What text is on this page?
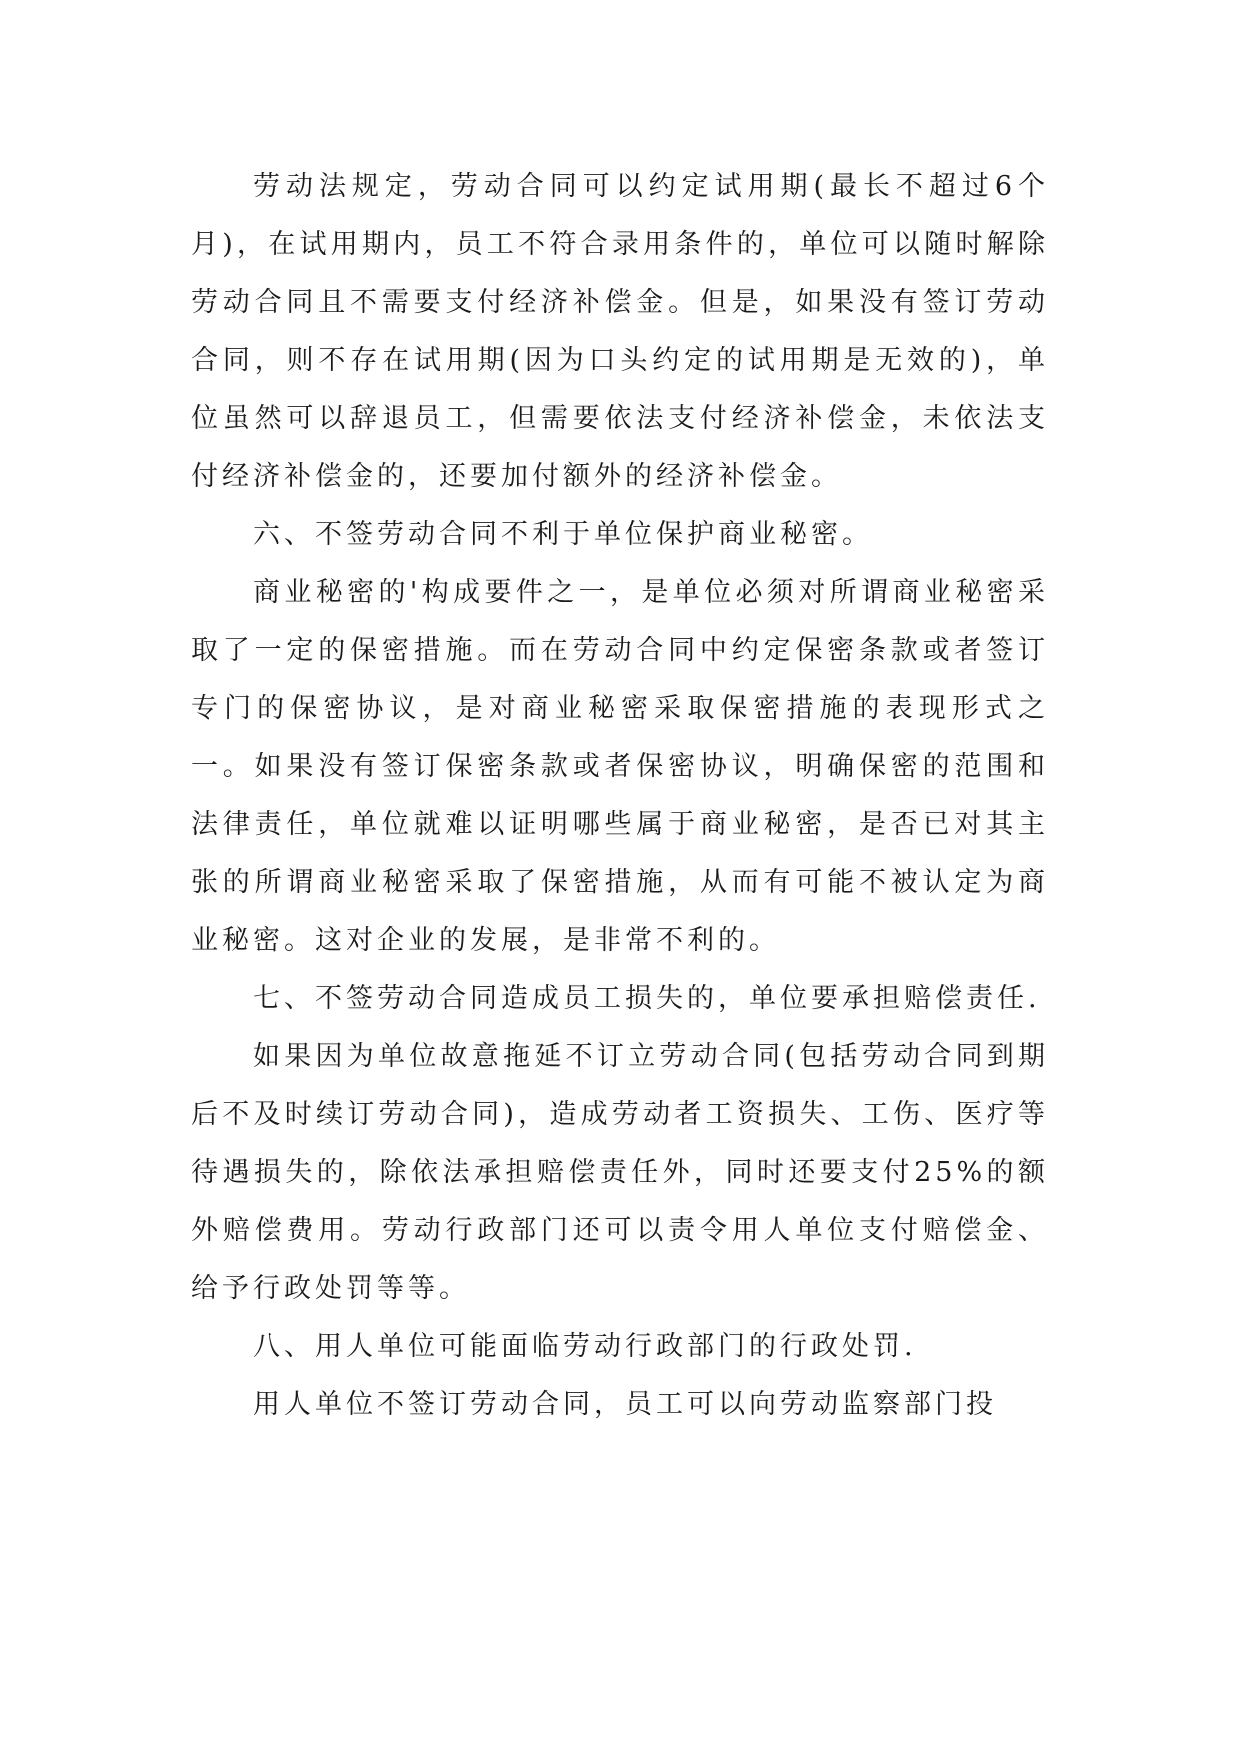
劳动法规定，劳动合同可以约定试用期(最长不超过6个月)，在试用期内，员工不符合录用条件的，单位可以随时解除劳动合同且不需要支付经济补偿金。但是，如果没有签订劳动合同，则不存在试用期(因为口头约定的试用期是无效的)，单位虽然可以辞退员工，但需要依法支付经济补偿金，未依法支付经济补偿金的，还要加付额外的经济补偿金。

六、不签劳动合同不利于单位保护商业秘密。

商业秘密的'构成要件之一，是单位必须对所谓商业秘密采取了一定的保密措施。而在劳动合同中约定保密条款或者签订专门的保密协议，是对商业秘密采取保密措施的表现形式之一。如果没有签订保密条款或者保密协议，明确保密的范围和法律责任，单位就难以证明哪些属于商业秘密，是否已对其主张的所谓商业秘密采取了保密措施，从而有可能不被认定为商业秘密。这对企业的发展，是非常不利的。

七、不签劳动合同造成员工损失的，单位要承担赔偿责任.

如果因为单位故意拖延不订立劳动合同(包括劳动合同到期后不及时续订劳动合同)，造成劳动者工资损失、工伤、医疗等待遇损失的，除依法承担赔偿责任外，同时还要支付25%的额外赔偿费用。劳动行政部门还可以责令用人单位支付赔偿金、给予行政处罚等等。

八、用人单位可能面临劳动行政部门的行政处罚.

用人单位不签订劳动合同，员工可以向劳动监察部门投
